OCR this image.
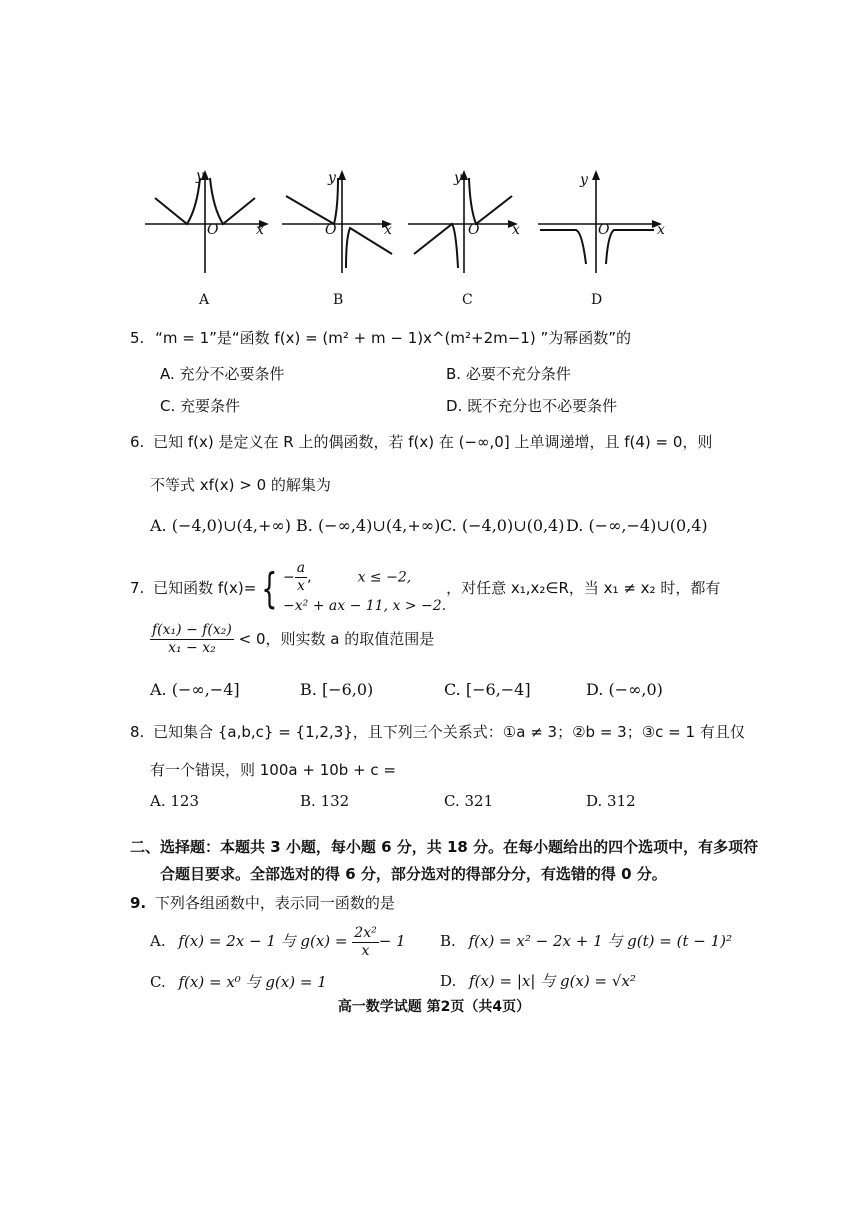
y
x
O
A
y
x
O
B
y
x
O
C
y
x
O
D
5. “m = 1”是“函数 f(x) = (m² + m − 1)x^(m²+2m−1) ”为幂函数”的
A. 充分不必要条件	B. 必要不充分条件
C. 充要条件	D. 既不充分也不必要条件
6. 已知 f(x) 是定义在 R 上的偶函数，若 f(x) 在 (−∞,0] 上单调递增，且 f(4) = 0，则
不等式 xf(x) > 0 的解集为
A. (−4,0)∪(4,+∞) B. (−∞,4)∪(4,+∞) C. (−4,0)∪(0,4) D. (−∞,−4)∪(0,4)
7. 已知函数 f(x)= { − $\frac{a}{x}$ ,	x ≤ −2,
−x² + ax − 11, x > −2.
，对任意 x₁,x₂∈R，当 x₁ ≠ x₂ 时，都有
$\frac{\text{f(x₁) − f(x₂)}}{\text{x₁ − x₂}} < 0$，则实数 a 的取值范围是
A. (−∞,−4]	B. [−6,0)	C. [−6,−4]	D. (−∞,0)
8. 已知集合 {a,b,c} = {1,2,3}，且下列三个关系式：①a ≠ 3；②b = 3；③c = 1 有且仅
有一个错误，则 100a + 10b + c =
A. 123	B. 132	C. 321	D. 312
二、选择题：本题共 3 小题，每小题 6 分，共 18 分。在每小题给出的四个选项中，有多项符
合题目要求。全部选对的得 6 分，部分选对的得部分分，有选错的得 0 分。
9. 下列各组函数中，表示同一函数的是
A. f(x) = 2x − 1 与 $g(x) = \frac{\text{2x²}}{x} - 1$ B. f(x) = x² − 2x + 1 与 g(t) = (t − 1)²
C. f(x) = x⁰ 与 g(x) = 1	D. f(x) = |x| 与 g(x) = √x²
高一数学试题 第2页（共4页）
